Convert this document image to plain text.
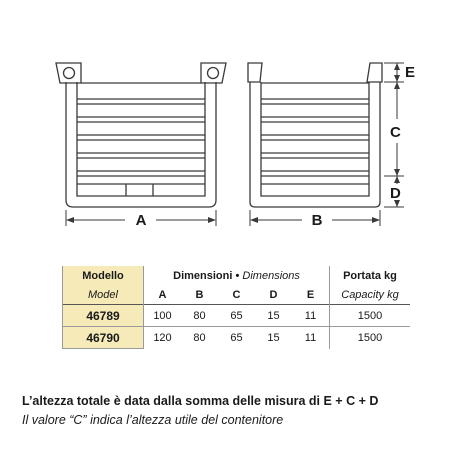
A	B
E
C
D
Modello	Dimensioni • Dimensions					Portata kg
Model	A	B	C	D	E	Capacity kg
46789	100	80	65	15	11	1500
46790	120	80	65	15	11	1500
L’altezza totale è data dalla somma delle misura di E + C + D
Il valore “C” indica l’altezza utile del contenitore
